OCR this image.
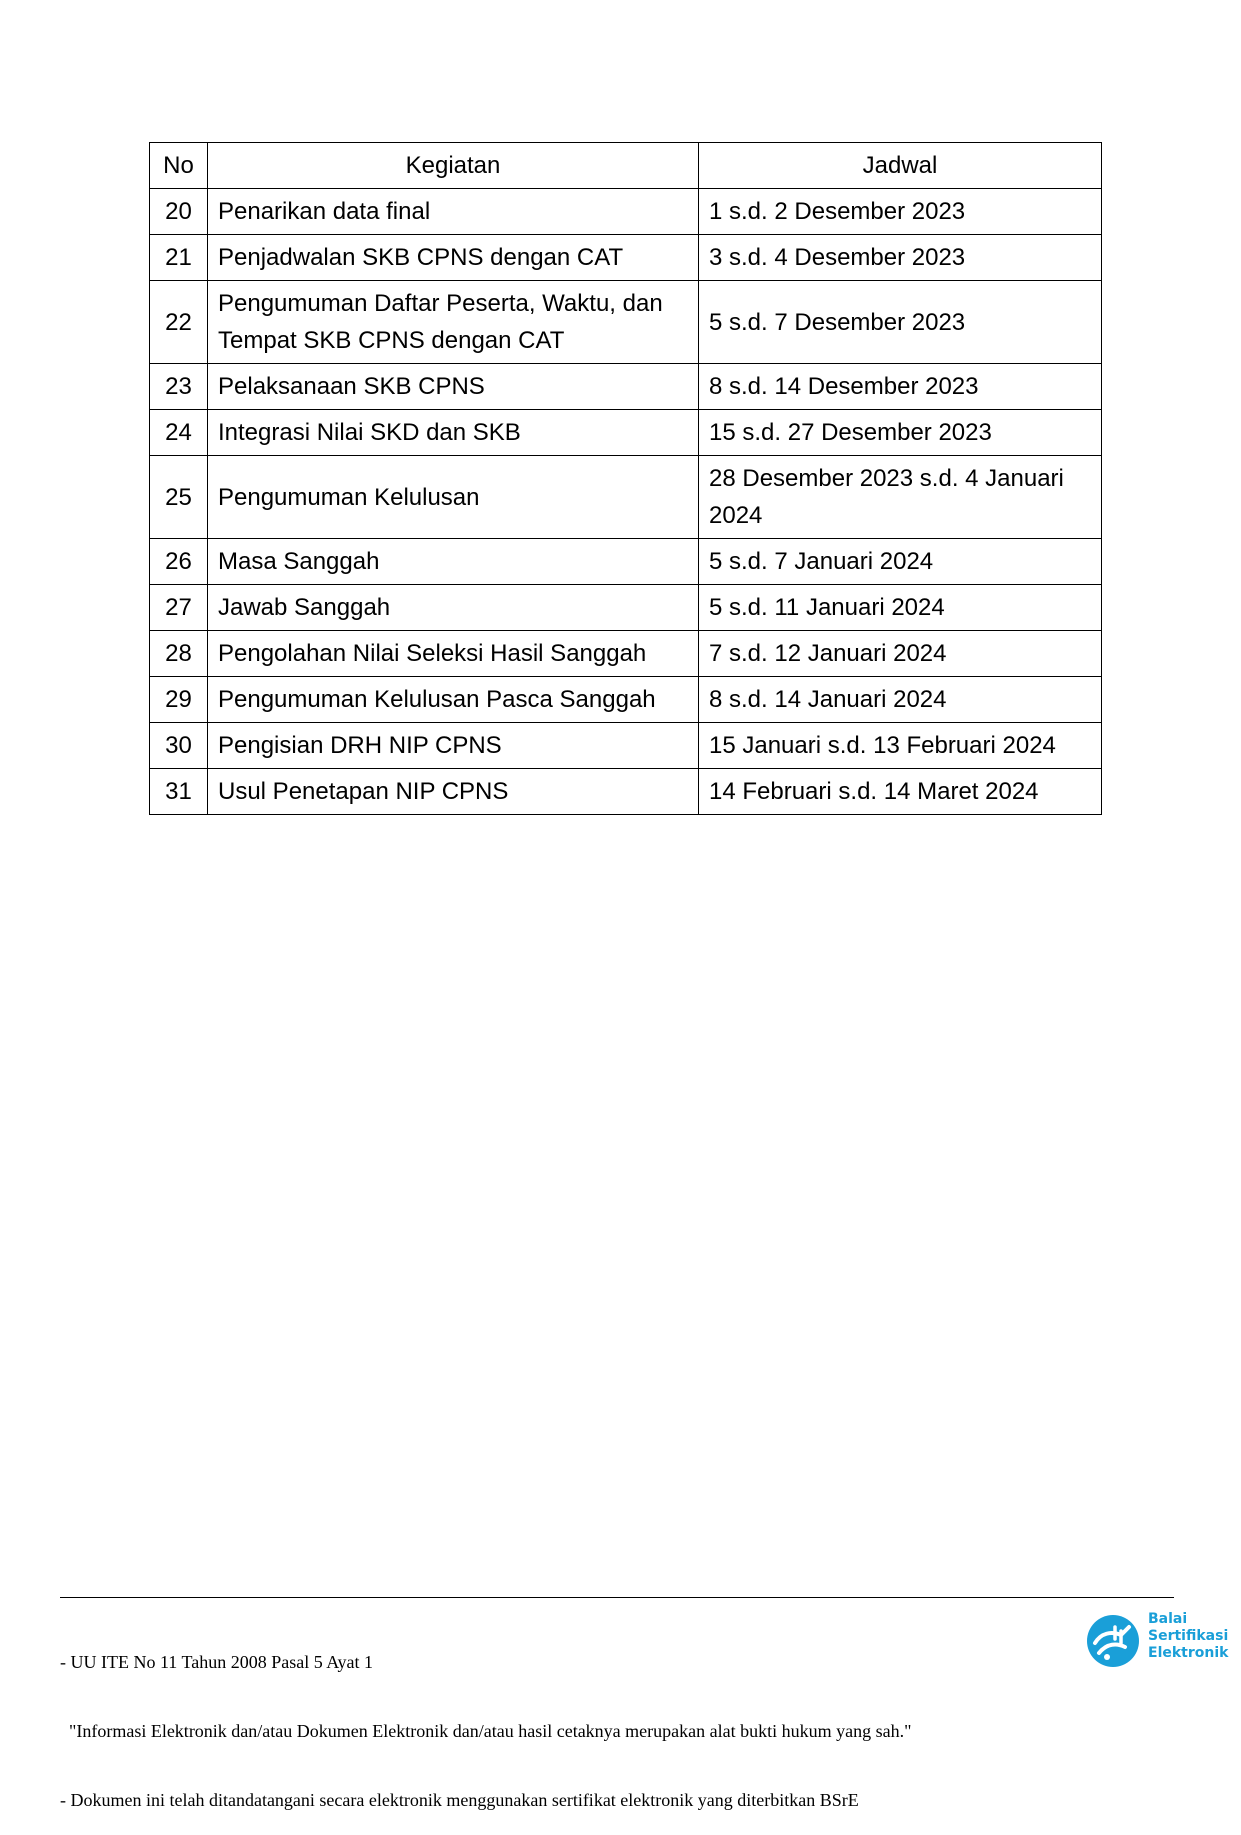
No	Kegiatan	Jadwal
20	Penarikan data final	1 s.d. 2 Desember 2023
21	Penjadwalan SKB CPNS dengan CAT	3 s.d. 4 Desember 2023
22	Pengumuman Daftar Peserta, Waktu, dan Tempat SKB CPNS dengan CAT	5 s.d. 7 Desember 2023
23	Pelaksanaan SKB CPNS	8 s.d. 14 Desember 2023
24	Integrasi Nilai SKD dan SKB	15 s.d. 27 Desember 2023
25	Pengumuman Kelulusan	28 Desember 2023 s.d. 4 Januari 2024
26	Masa Sanggah	5 s.d. 7 Januari 2024
27	Jawab Sanggah	5 s.d. 11 Januari 2024
28	Pengolahan Nilai Seleksi Hasil Sanggah	7 s.d. 12 Januari 2024
29	Pengumuman Kelulusan Pasca Sanggah	8 s.d. 14 Januari 2024
30	Pengisian DRH NIP CPNS	15 Januari s.d. 13 Februari 2024
31	Usul Penetapan NIP CPNS	14 Februari s.d. 14 Maret 2024

- UU ITE No 11 Tahun 2008 Pasal 5 Ayat 1

"Informasi Elektronik dan/atau Dokumen Elektronik dan/atau hasil cetaknya merupakan alat bukti hukum yang sah."

- Dokumen ini telah ditandatangani secara elektronik menggunakan sertifikat elektronik yang diterbitkan BSrE

Balai
Sertifikasi
Elektronik
